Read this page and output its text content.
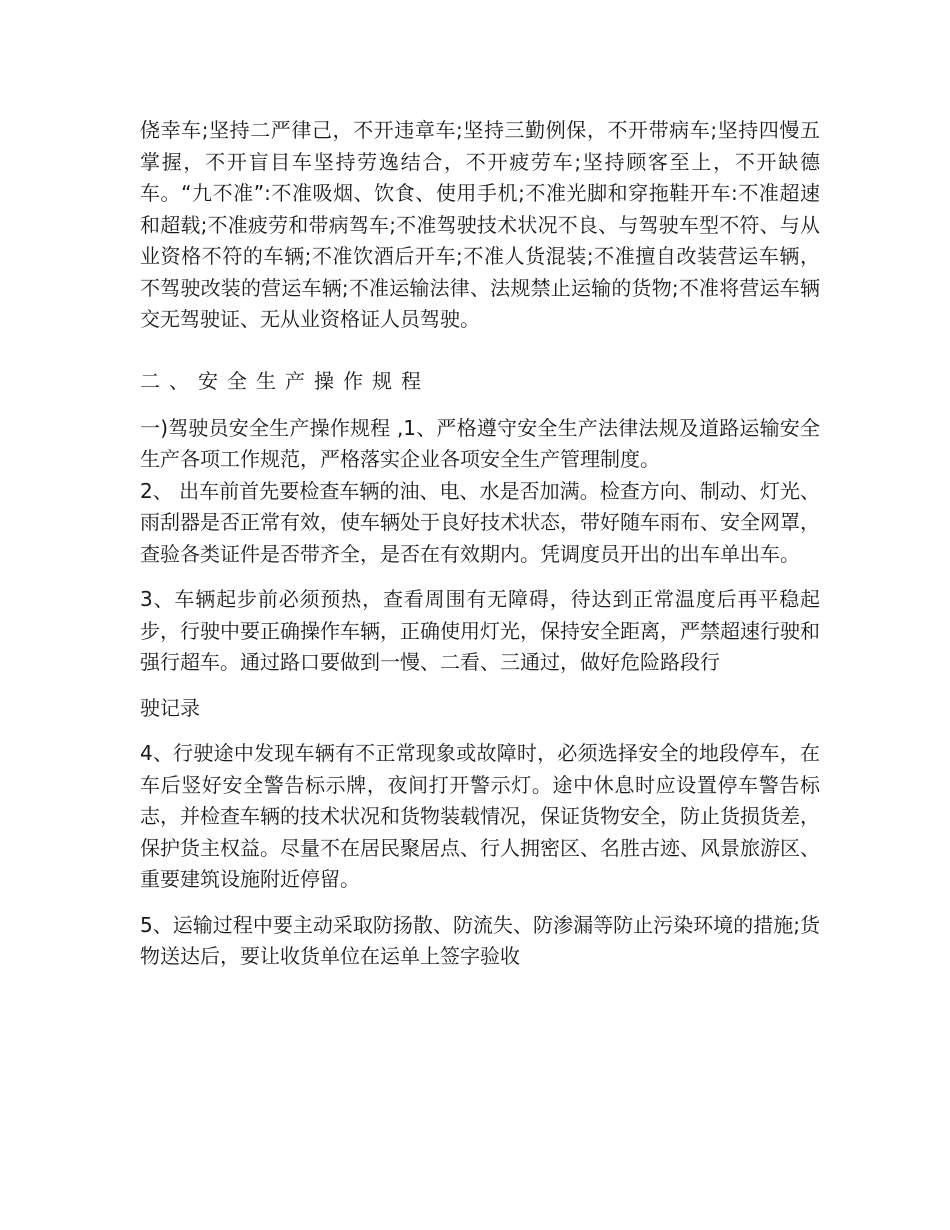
侥幸车;坚持二严律己，不开违章车;坚持三勤例保，不开带病车;坚持四慢五掌握，不开盲目车坚持劳逸结合，不开疲劳车;坚持顾客至上，不开缺德车。“九不准”:不准吸烟、饮食、使用手机;不准光脚和穿拖鞋开车:不准超速和超载;不准疲劳和带病驾车;不准驾驶技术状况不良、与驾驶车型不符、与从业资格不符的车辆;不准饮酒后开车;不准人货混装;不准擅自改装营运车辆，不驾驶改装的营运车辆;不准运输法律、法规禁止运输的货物;不准将营运车辆交无驾驶证、无从业资格证人员驾驶。

二、安全生产操作规程

一)驾驶员安全生产操作规程 ,1、严格遵守安全生产法律法规及道路运输安全生产各项工作规范，严格落实企业各项安全生产管理制度。

2、 出车前首先要检查车辆的油、电、水是否加满。检查方向、制动、灯光、雨刮器是否正常有效，使车辆处于良好技术状态，带好随车雨布、安全网罩，查验各类证件是否带齐全，是否在有效期内。凭调度员开出的出车单出车。

3、车辆起步前必须预热，查看周围有无障碍，待达到正常温度后再平稳起步，行驶中要正确操作车辆，正确使用灯光，保持安全距离，严禁超速行驶和强行超车。通过路口要做到一慢、二看、三通过，做好危险路段行

驶记录

4、行驶途中发现车辆有不正常现象或故障时，必须选择安全的地段停车，在车后竖好安全警告标示牌，夜间打开警示灯。途中休息时应设置停车警告标志，并检查车辆的技术状况和货物装载情况，保证货物安全，防止货损货差，保护货主权益。尽量不在居民聚居点、行人拥密区、名胜古迹、风景旅游区、重要建筑设施附近停留。

5、运输过程中要主动采取防扬散、防流失、防渗漏等防止污染环境的措施;货物送达后，要让收货单位在运单上签字验收
